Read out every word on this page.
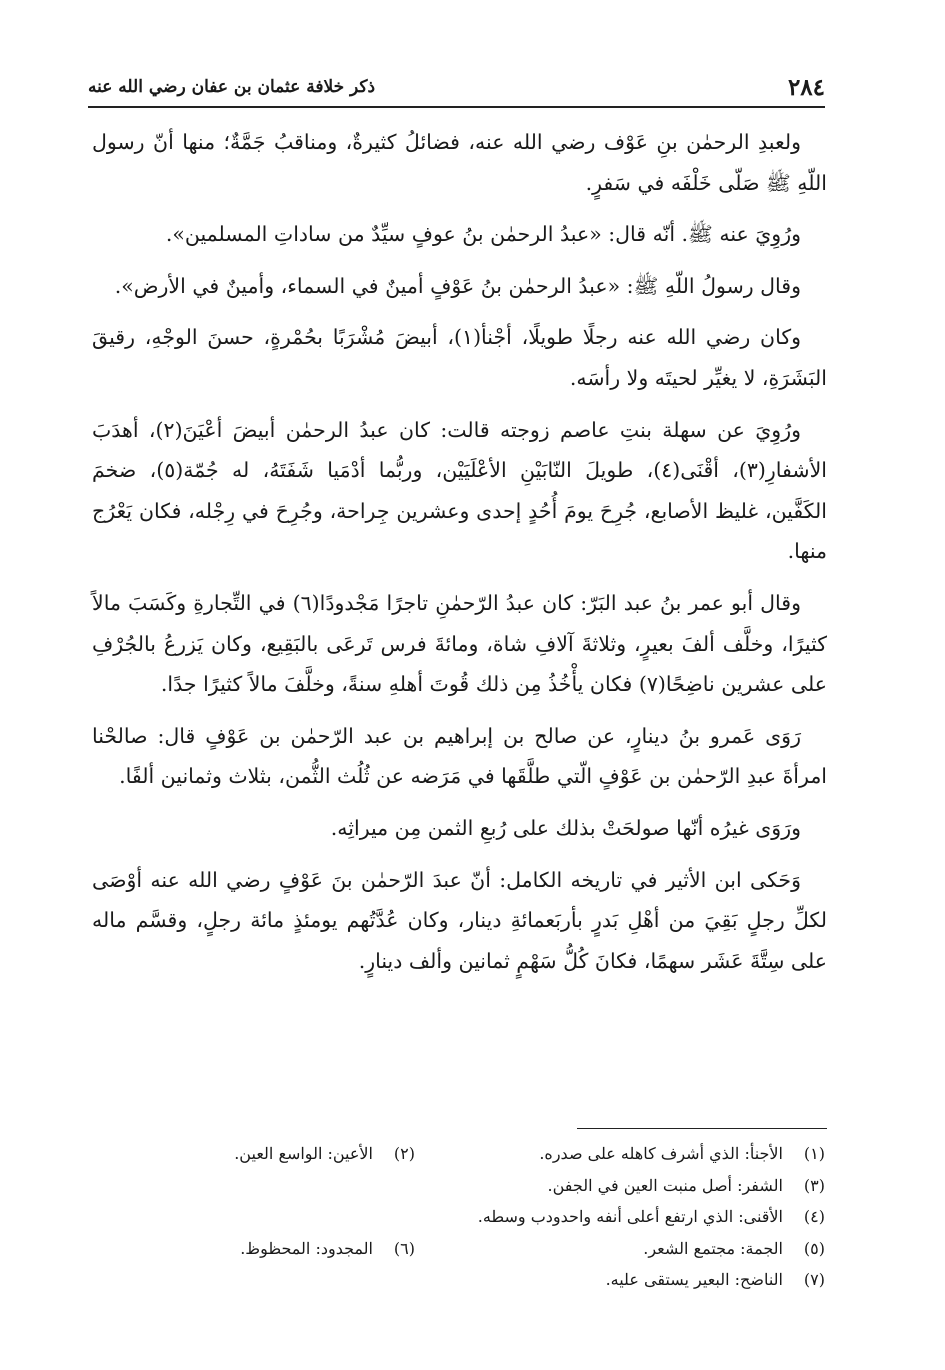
٢٨٤
ذكر خلافة عثمان بن عفان رضي الله عنه

ولعبدِ الرحمٰن بنِ عَوْف رضي الله عنه، فضائلُ كثيرةٌ، ومناقبُ جَمَّةٌ؛ منها أنّ رسول اللّهِ ﷺ صَلّى خَلْفَه في سَفرٍ.

ورُوِيَ عنه ﷺ. أنّه قال: «عبدُ الرحمٰن بنُ عوفٍ سيِّدٌ من ساداتِ المسلمين».

وقال رسولُ اللّهِ ﷺ: «عبدُ الرحمٰن بنُ عَوْفٍ أمينٌ في السماء، وأمينٌ في الأرض».

وكان رضي الله عنه رجلًا طويلًا، أجْنأ(١)، أبيضَ مُشْرَبًا بحُمْرةٍ، حسنَ الوجْهِ، رقيقَ البَشَرَةِ، لا يغيِّر لحيتَه ولا رأسَه.

ورُوِيَ عن سهلة بنتِ عاصم زوجته قالت: كان عبدُ الرحمٰن أبيضَ أعْيَنَ(٢)، أهدَبَ الأشفارِ(٣)، أقْنَى(٤)، طويلَ النّابَيْنِ الأعْلَيَيْن، وربُّما أدْمَيا شَفَتَهُ، له جُمّة(٥)، ضخمَ الكَفَّين، غليظ الأصابع، جُرِحَ يومَ أُحُدٍ إحدى وعشرين جِراحة، وجُرِحَ في رِجْله، فكان يَعْرُج منها.

وقال أبو عمر بنُ عبد البَرّ: كان عبدُ الرّحمٰنِ تاجرًا مَجْدودًا(٦) في التِّجارةِ وكَسَبَ مالاً كثيرًا، وخلَّف ألفَ بعيرٍ، وثلاثةَ آلافِ شاة، ومائةَ فرس تَرعَى بالبَقِيع، وكان يَزرعُ بالجُرْفِ على عشرين ناضِحًا(٧) فكان يأْخُذُ مِن ذلك قُوتَ أهلهِ سنةً، وخلَّفَ مالاً كثيرًا جدًا.

رَوَى عَمرو بنُ دينارٍ، عن صالح بن إبراهيم بن عبد الرّحمٰن بن عَوْفٍ قال: صالحْنا امرأةَ عبدِ الرّحمٰن بن عَوْفٍ الّتي طلَّقَها في مَرَضه عن ثُلُث الثُّمن، بثلاث وثمانين ألفًا.

ورَوَى غيرُه أنّها صولحَتْ بذلك على رُبعِ الثمن مِن ميراثِه.

وَحَكى ابن الأثير في تاريخه الكامل: أنّ عبدَ الرّحمٰن بنَ عَوْفٍ رضي الله عنه أوْصَى لكلِّ رجلٍ بَقِيَ من أهْلِ بَدرٍ بأربَعمائةِ دينار، وكان عُدَّتُهم يومئذٍ مائة رجلٍ، وقسَّم ماله على سِتَّةَ عَشَر سهمًا، فكانَ كُلُّ سَهْمٍ ثمانين وألف دينارٍ.

(١)
الأجنأ: الذي أشرف كاهله على صدره.
(٢)
الأعين: الواسع العين.
(٣)
الشفر: أصل منبت العين في الجفن.
(٤)
الأقنى: الذي ارتفع أعلى أنفه واحدودب وسطه.
(٥)
الجمة: مجتمع الشعر.
(٦)
المجدود: المحظوظ.
(٧)
الناضح: البعير يستقى عليه.
